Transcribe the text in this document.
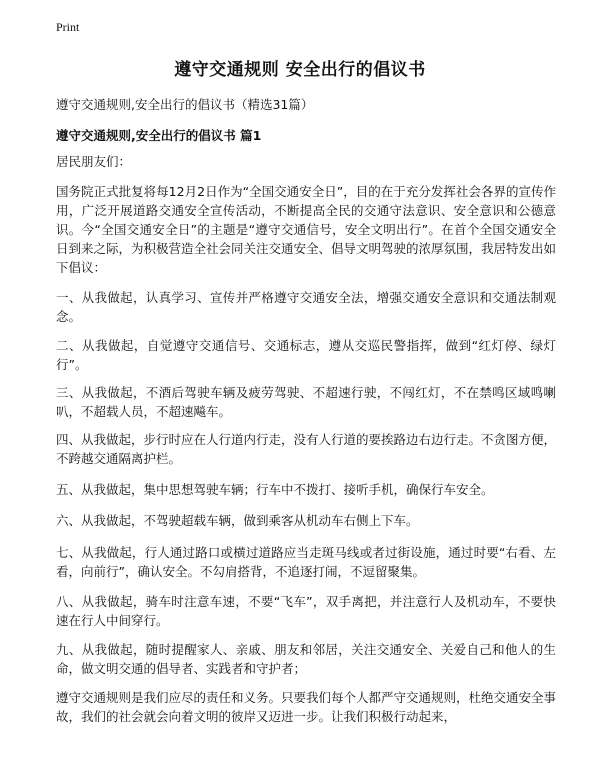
Print
遵守交通规则 安全出行的倡议书
遵守交通规则,安全出行的倡议书（精选31篇）
遵守交通规则,安全出行的倡议书 篇1

居民朋友们：

国务院正式批复将每12月2日作为“全国交通安全日”，目的在于充分发挥社会各界的宣传作用，广泛开展道路交通安全宣传活动，不断提高全民的交通守法意识、安全意识和公德意识。今“全国交通安全日”的主题是“遵守交通信号，安全文明出行”。在首个全国交通安全日到来之际，为积极营造全社会同关注交通安全、倡导文明驾驶的浓厚氛围，我居特发出如下倡议：

一、从我做起，认真学习、宣传并严格遵守交通安全法，增强交通安全意识和交通法制观念。

二、从我做起，自觉遵守交通信号、交通标志，遵从交巡民警指挥，做到“红灯停、绿灯行”。

三、从我做起，不酒后驾驶车辆及疲劳驾驶、不超速行驶，不闯红灯，不在禁鸣区域鸣喇叭，不超载人员，不超速飚车。

四、从我做起，步行时应在人行道内行走，没有人行道的要挨路边右边行走。不贪图方便，不跨越交通隔离护栏。

五、从我做起，集中思想驾驶车辆；行车中不拨打、接听手机，确保行车安全。

六、从我做起，不驾驶超载车辆，做到乘客从机动车右侧上下车。

七、从我做起，行人通过路口或横过道路应当走斑马线或者过街设施，通过时要“右看、左看，向前行”，确认安全。不勾肩搭背，不追逐打闹，不逗留聚集。

八、从我做起，骑车时注意车速，不要“飞车”，双手离把，并注意行人及机动车，不要快速在行人中间穿行。

九、从我做起，随时提醒家人、亲戚、朋友和邻居，关注交通安全、关爱自己和他人的生命，做文明交通的倡导者、实践者和守护者；

遵守交通规则是我们应尽的责任和义务。只要我们每个人都严守交通规则，杜绝交通安全事故，我们的社会就会向着文明的彼岸又迈进一步。让我们积极行动起来，
